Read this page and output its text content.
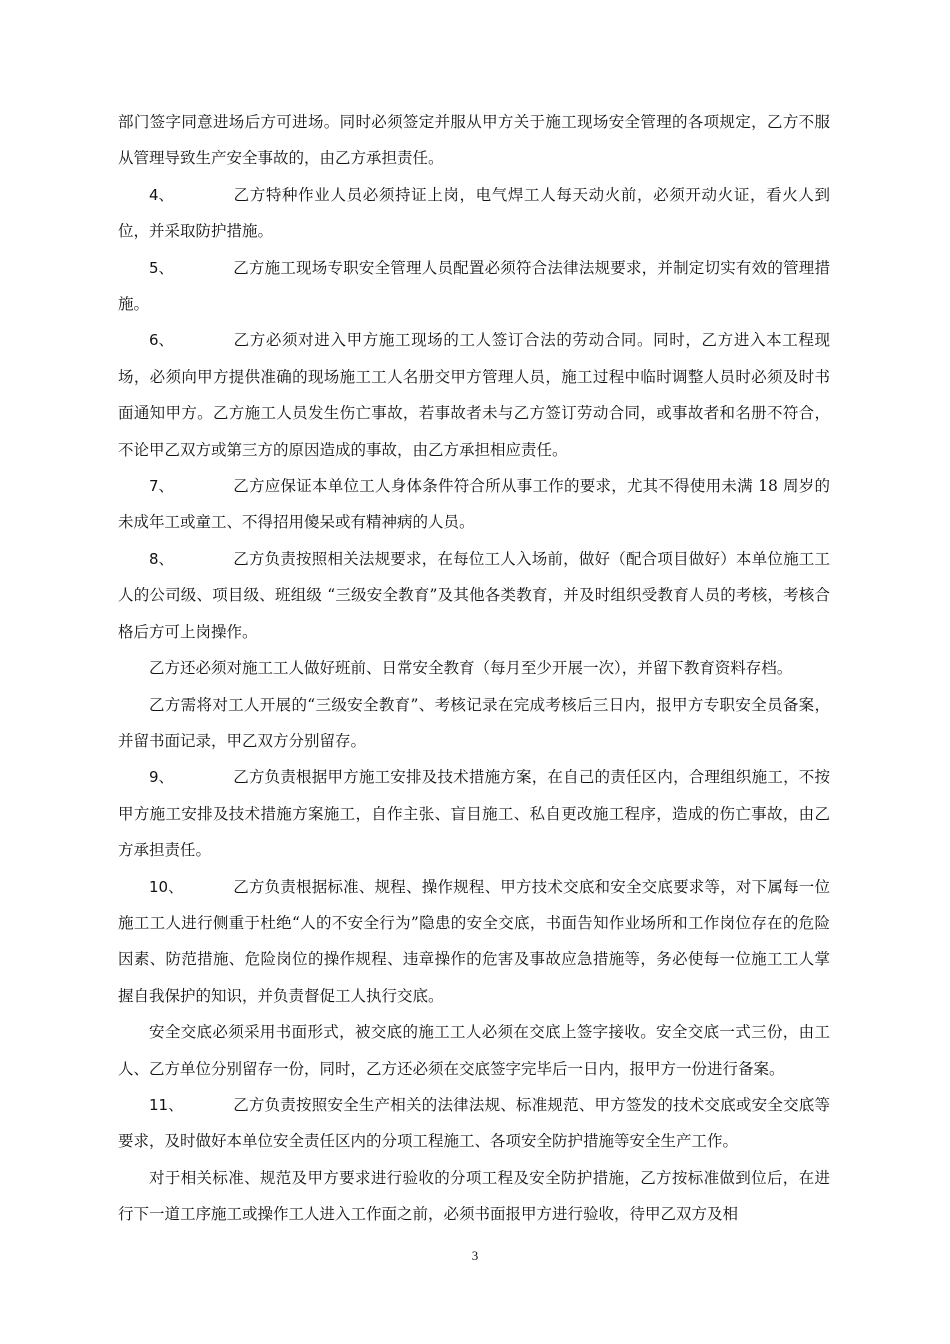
部门签字同意进场后方可进场。同时必须签定并服从甲方关于施工现场安全管理的各项规定，乙方不服从管理导致生产安全事故的，由乙方承担责任。

4、	乙方特种作业人员必须持证上岗，电气焊工人每天动火前，必须开动火证，看火人到位，并采取防护措施。

5、	乙方施工现场专职安全管理人员配置必须符合法律法规要求，并制定切实有效的管理措施。

6、	乙方必须对进入甲方施工现场的工人签订合法的劳动合同。同时，乙方进入本工程现场，必须向甲方提供准确的现场施工工人名册交甲方管理人员，施工过程中临时调整人员时必须及时书面通知甲方。乙方施工人员发生伤亡事故，若事故者未与乙方签订劳动合同，或事故者和名册不符合，不论甲乙双方或第三方的原因造成的事故，由乙方承担相应责任。

7、	乙方应保证本单位工人身体条件符合所从事工作的要求，尤其不得使用未满 18 周岁的未成年工或童工、不得招用傻呆或有精神病的人员。

8、	乙方负责按照相关法规要求，在每位工人入场前，做好（配合项目做好）本单位施工工人的公司级、项目级、班组级 “三级安全教育”及其他各类教育，并及时组织受教育人员的考核，考核合格后方可上岗操作。

乙方还必须对施工工人做好班前、日常安全教育（每月至少开展一次），并留下教育资料存档。

乙方需将对工人开展的“三级安全教育”、考核记录在完成考核后三日内，报甲方专职安全员备案，并留书面记录，甲乙双方分别留存。

9、	乙方负责根据甲方施工安排及技术措施方案，在自己的责任区内，合理组织施工，不按甲方施工安排及技术措施方案施工，自作主张、盲目施工、私自更改施工程序，造成的伤亡事故，由乙方承担责任。

10、	乙方负责根据标准、规程、操作规程、甲方技术交底和安全交底要求等，对下属每一位施工工人进行侧重于杜绝“人的不安全行为”隐患的安全交底，书面告知作业场所和工作岗位存在的危险因素、防范措施、危险岗位的操作规程、违章操作的危害及事故应急措施等，务必使每一位施工工人掌握自我保护的知识，并负责督促工人执行交底。

安全交底必须采用书面形式，被交底的施工工人必须在交底上签字接收。安全交底一式三份，由工人、乙方单位分别留存一份，同时，乙方还必须在交底签字完毕后一日内，报甲方一份进行备案。

11、	乙方负责按照安全生产相关的法律法规、标准规范、甲方签发的技术交底或安全交底等要求，及时做好本单位安全责任区内的分项工程施工、各项安全防护措施等安全生产工作。

对于相关标准、规范及甲方要求进行验收的分项工程及安全防护措施，乙方按标准做到位后，在进行下一道工序施工或操作工人进入工作面之前，必须书面报甲方进行验收，待甲乙双方及相

3
